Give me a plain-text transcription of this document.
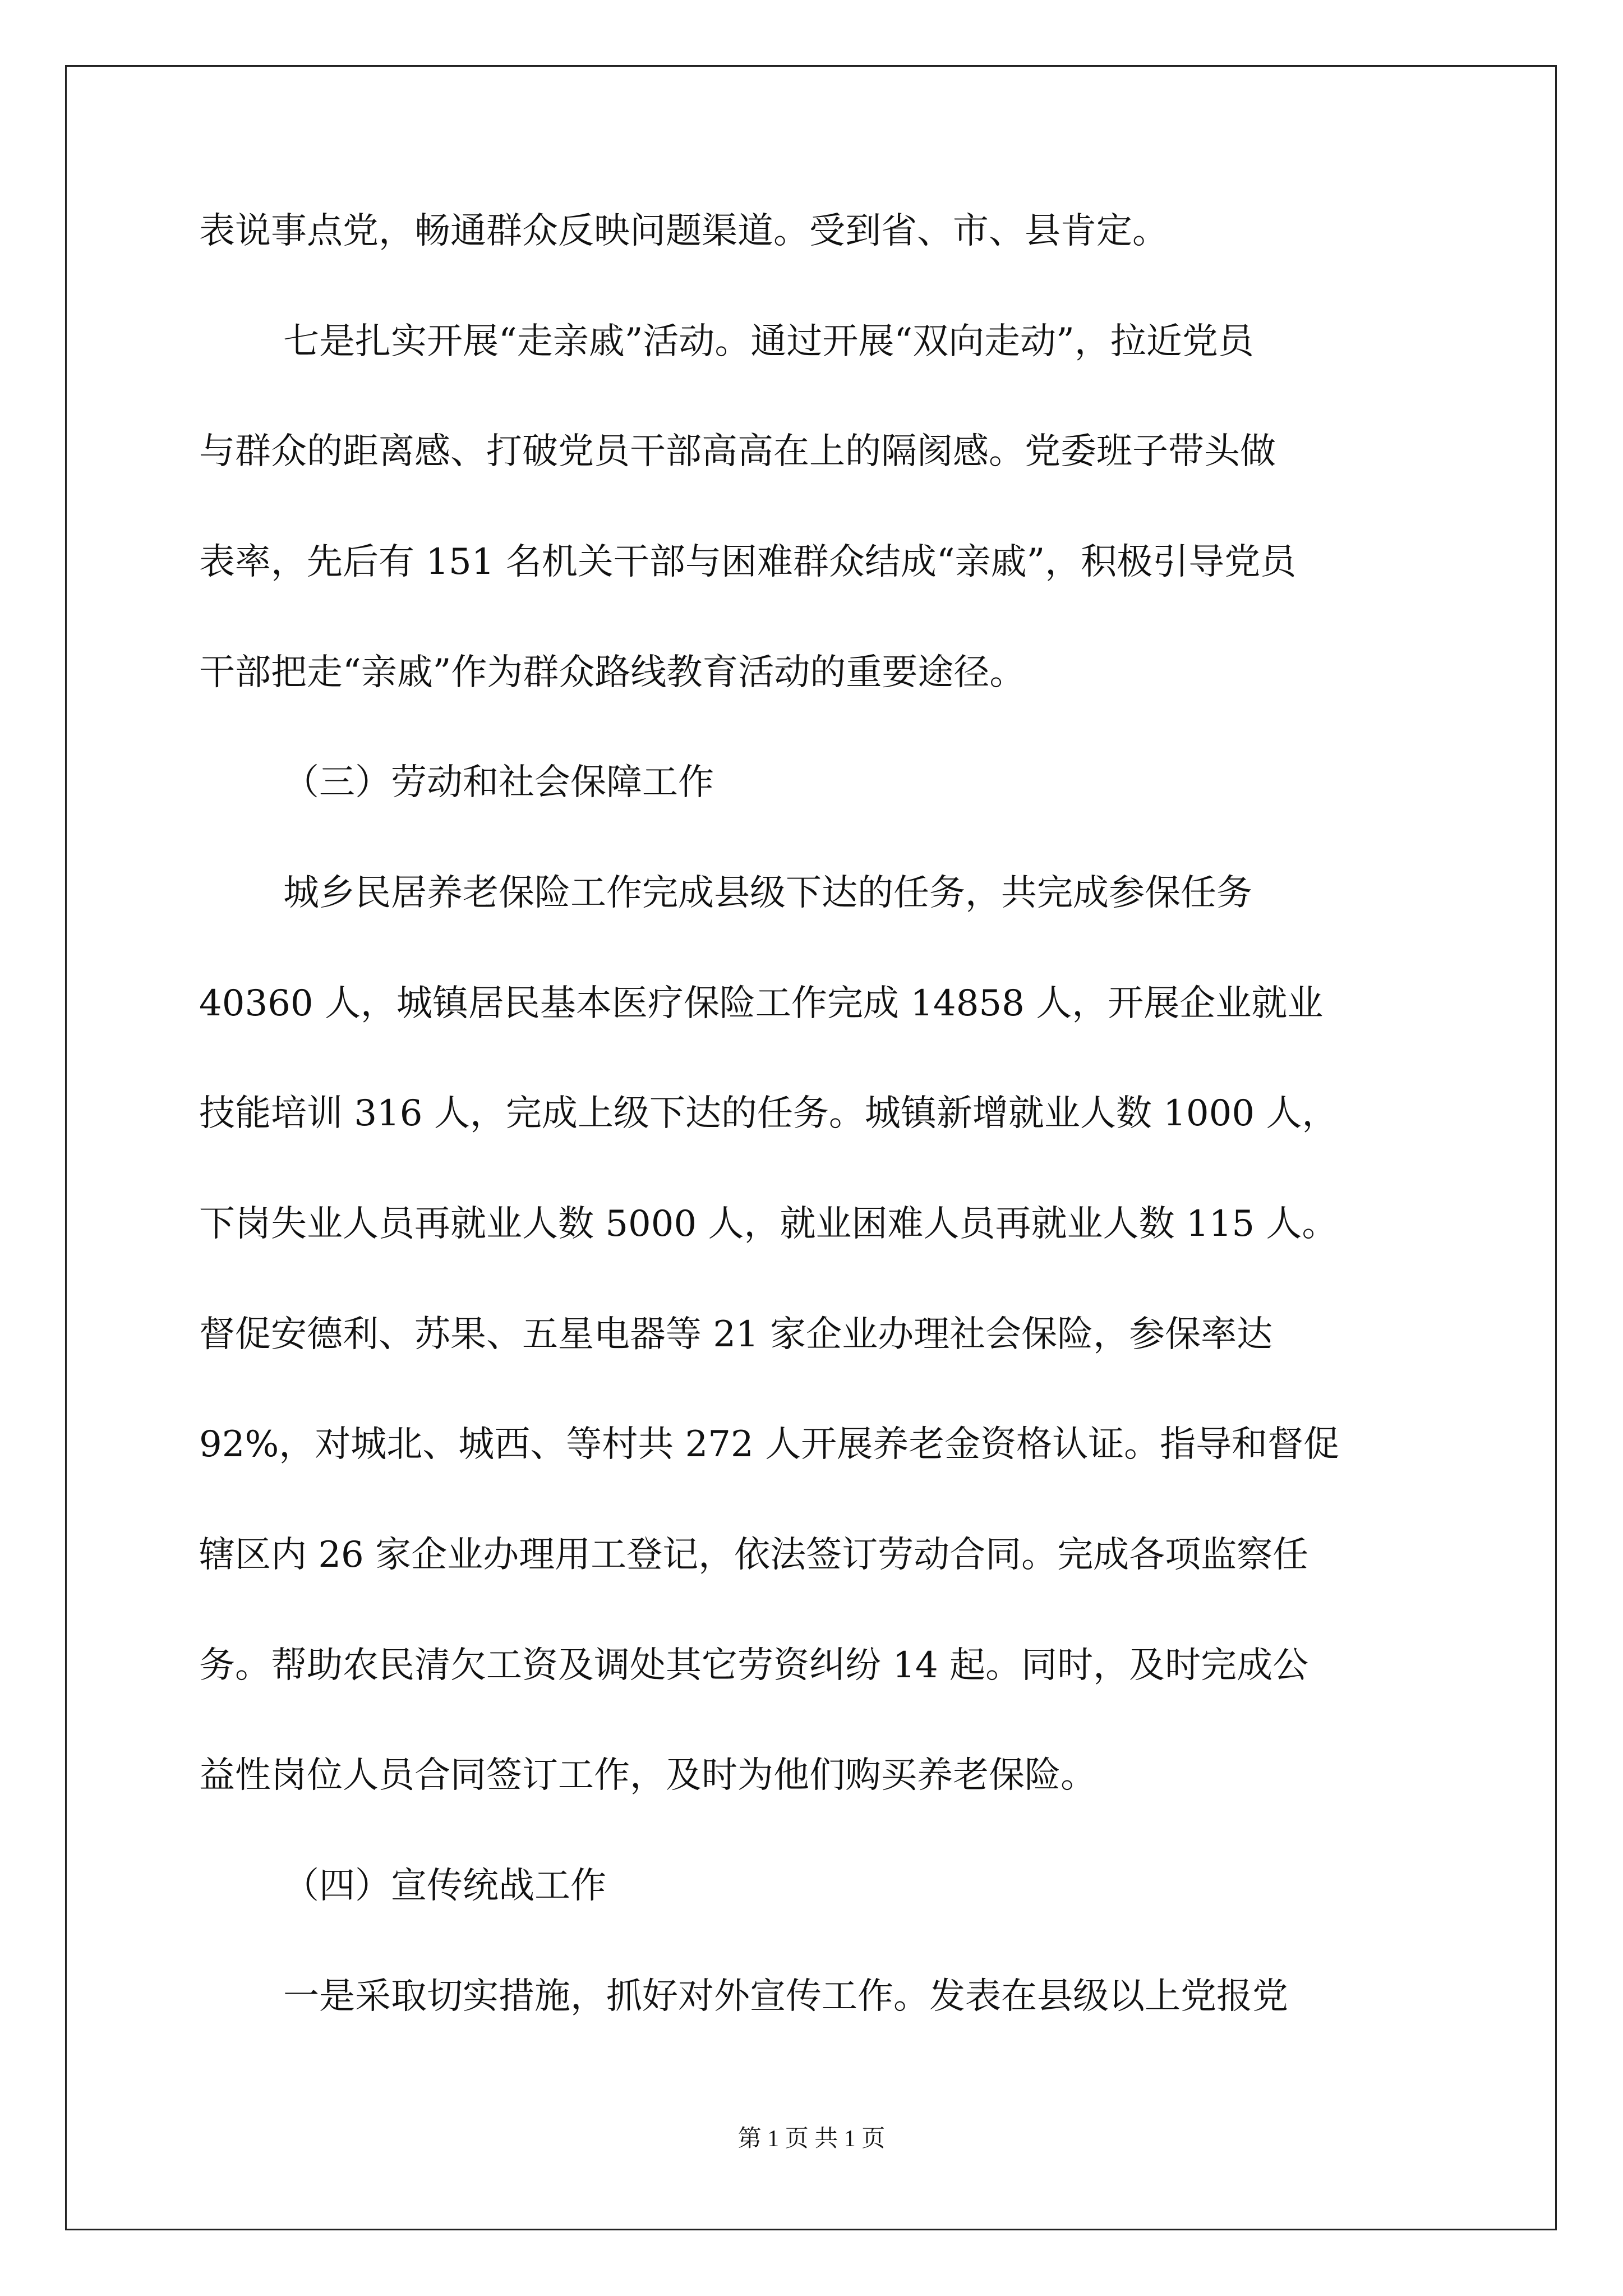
表说事点党，畅通群众反映问题渠道。受到省、市、县肯定。
七是扎实开展“走亲戚”活动。通过开展“双向走动”，拉近党员
与群众的距离感、打破党员干部高高在上的隔阂感。党委班子带头做
表率，先后有 151 名机关干部与困难群众结成“亲戚”，积极引导党员
干部把走“亲戚”作为群众路线教育活动的重要途径。
（三）劳动和社会保障工作
城乡民居养老保险工作完成县级下达的任务，共完成参保任务
40360 人，城镇居民基本医疗保险工作完成 14858 人，开展企业就业
技能培训 316 人，完成上级下达的任务。城镇新增就业人数 1000 人，
下岗失业人员再就业人数 5000 人，就业困难人员再就业人数 115 人。
督促安德利、苏果、五星电器等 21 家企业办理社会保险，参保率达
92%，对城北、城西、等村共 272 人开展养老金资格认证。指导和督促
辖区内 26 家企业办理用工登记，依法签订劳动合同。完成各项监察任
务。帮助农民清欠工资及调处其它劳资纠纷 14 起。同时，及时完成公
益性岗位人员合同签订工作，及时为他们购买养老保险。
（四）宣传统战工作
一是采取切实措施，抓好对外宣传工作。发表在县级以上党报党
第 1 页 共 1 页
